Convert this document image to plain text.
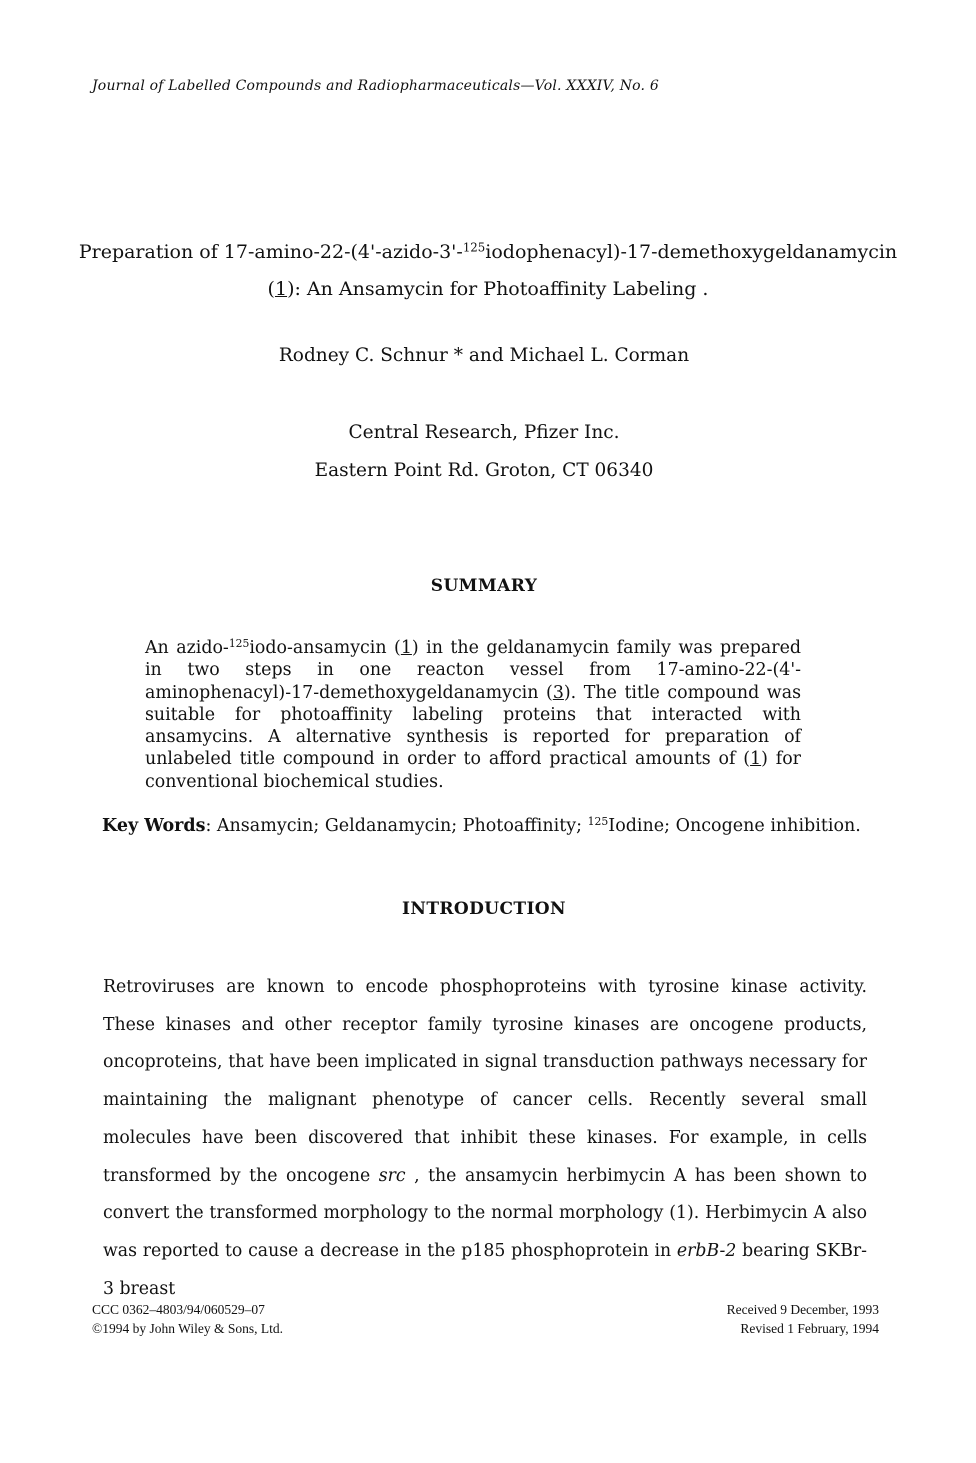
Journal of Labelled Compounds and Radiopharmaceuticals—Vol. XXXIV, No. 6
Preparation of 17-amino-22-(4'-azido-3'-$^{125}$iodophenacyl)-17-demethoxygeldanamycin
(1): An Ansamycin for Photoaffinity Labeling .
Rodney C. Schnur * and Michael L. Corman
Central Research, Pfizer Inc.
Eastern Point Rd. Groton, CT 06340
SUMMARY
An azido-$^{125}$iodo-ansamycin (1) in the geldanamycin family was prepared in two steps in one reacton vessel from 17-amino-22-(4'-aminophenacyl)-17-demethoxygeldanamycin (3). The title compound was suitable for photoaffinity labeling proteins that interacted with ansamycins. A alternative synthesis is reported for preparation of unlabeled title compound in order to afford practical amounts of (1) for conventional biochemical studies.
Key Words: Ansamycin; Geldanamycin; Photoaffinity; $^{125}$Iodine; Oncogene inhibition.
INTRODUCTION
Retroviruses are known to encode phosphoproteins with tyrosine kinase activity. These kinases and other receptor family tyrosine kinases are oncogene products, oncoproteins, that have been implicated in signal transduction pathways necessary for maintaining the malignant phenotype of cancer cells. Recently several small molecules have been discovered that inhibit these kinases. For example, in cells transformed by the oncogene src , the ansamycin herbimycin A has been shown to convert the transformed morphology to the normal morphology (1). Herbimycin A also was reported to cause a decrease in the p185 phosphoprotein in erbB-2 bearing SKBr-3 breast
CCC 0362–4803/94/060529–07
©1994 by John Wiley & Sons, Ltd.
Received 9 December, 1993
Revised 1 February, 1994
